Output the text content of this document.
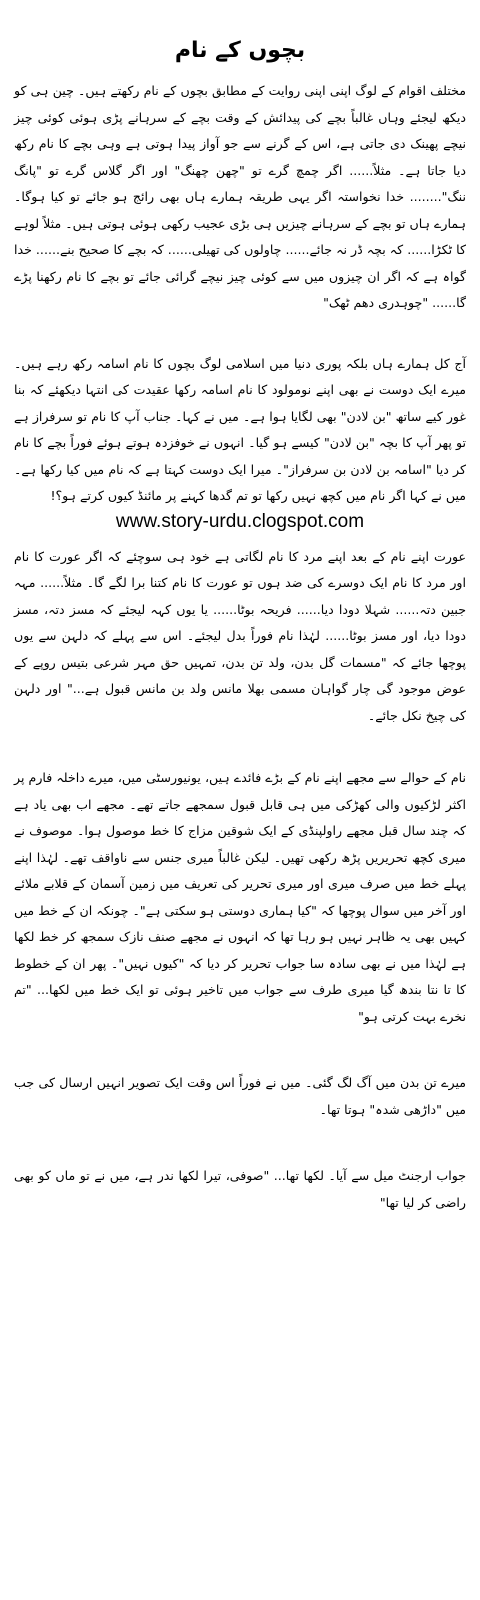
بچوں کے نام

مختلف اقوام کے لوگ اپنی اپنی روایت کے مطابق بچوں کے نام رکھتے ہیں۔ چین ہی کو دیکھ لیجئے وہاں غالباً بچے کی پیدائش کے وقت بچے کے سرہانے پڑی ہوئی کوئی چیز نیچے پھینک دی جاتی ہے، اس کے گرنے سے جو آواز پیدا ہوتی ہے وہی بچے کا نام رکھ دیا جاتا ہے۔ مثلاً...... اگر چمچ گرے تو "چھن چھنگ" اور اگر گلاس گرے تو "پانگ ننگ"........ خدا نخواستہ اگر یہی طریقہ ہمارے ہاں بھی رائج ہو جائے تو کیا ہوگا۔ ہمارے ہاں تو بچے کے سرہانے چیزیں ہی بڑی عجیب رکھی ہوئی ہوتی ہیں۔ مثلاً لوہے کا ٹکڑا...... کہ بچہ ڈر نہ جائے...... چاولوں کی تھیلی...... کہ بچے کا صحیح بنے...... خدا گواہ ہے کہ اگر ان چیزوں میں سے کوئی چیز نیچے گرائی جائے تو بچے کا نام رکھنا پڑے گا...... "چوہدری دھم ٹھک"

آج کل ہمارے ہاں بلکہ پوری دنیا میں اسلامی لوگ بچوں کا نام اسامہ رکھ رہے ہیں۔ میرے ایک دوست نے بھی اپنے نومولود کا نام اسامہ رکھا عقیدت کی انتہا دیکھئے کہ بنا غور کیے ساتھ "بن لادن" بھی لگایا ہوا ہے۔ میں نے کہا۔ جناب آپ کا نام تو سرفراز ہے تو پھر آپ کا بچہ "بن لادن" کیسے ہو گیا۔ انہوں نے خوفزدہ ہوتے ہوئے فوراً بچے کا نام کر دیا "اسامہ بن لادن بن سرفراز"۔ میرا ایک دوست کہتا ہے کہ نام میں کیا رکھا ہے۔ میں نے کہا اگر نام میں کچھ نہیں رکھا تو تم گدھا کہنے پر مائنڈ کیوں کرتے ہو؟!

www.story-urdu.clogspot.com

عورت اپنے نام کے بعد اپنے مرد کا نام لگاتی ہے خود ہی سوچئے کہ اگر عورت کا نام اور مرد کا نام ایک دوسرے کی ضد ہوں تو عورت کا نام کتنا برا لگے گا۔ مثلاً...... مہہ جبین دتہ...... شہلا دودا دیا...... فریحہ بوٹا...... یا یوں کہہ لیجئے کہ مسز دتہ، مسز دودا دیا، اور مسز بوٹا...... لہٰذا نام فوراً بدل لیجئے۔ اس سے پہلے کہ دلہن سے یوں پوچھا جائے کہ "مسمات گل بدن، ولد تن بدن، تمہیں حق مہر شرعی بتیس روپے کے عوض موجود گی چار گواہان مسمی بھلا مانس ولد بن مانس قبول ہے..." اور دلہن کی چیخ نکل جائے۔

نام کے حوالے سے مجھے اپنے نام کے بڑے فائدے ہیں، یونیورسٹی میں، میرے داخلہ فارم پر اکثر لڑکیوں والی کھڑکی میں ہی قابل قبول سمجھے جاتے تھے۔ مجھے اب بھی یاد ہے کہ چند سال قبل مجھے راولپنڈی کے ایک شوقین مزاج کا خط موصول ہوا۔ موصوف نے میری کچھ تحریریں پڑھ رکھی تھیں۔ لیکن غالباً میری جنس سے ناواقف تھے۔ لہٰذا اپنے پہلے خط میں صرف میری اور میری تحریر کی تعریف میں زمین آسمان کے قلابے ملائے اور آخر میں سوال پوچھا کہ "کیا ہماری دوستی ہو سکتی ہے"۔ چونکہ ان کے خط میں کہیں بھی یہ ظاہر نہیں ہو رہا تھا کہ انہوں نے مجھے صنف نازک سمجھ کر خط لکھا ہے لہٰذا میں نے بھی سادہ سا جواب تحریر کر دیا کہ "کیوں نہیں"۔ پھر ان کے خطوط کا تا نتا بندھ گیا میری طرف سے جواب میں تاخیر ہوئی تو ایک خط میں لکھا... "تم نخرے بہت کرتی ہو"

میرے تن بدن میں آگ لگ گئی۔ میں نے فوراً اس وقت ایک تصویر انہیں ارسال کی جب میں "داڑھی شدہ" ہوتا تھا۔

جواب ارجنٹ میل سے آیا۔ لکھا تھا... "صوفی، تیرا لکھا ندر ہے، میں نے تو ماں کو بھی راضی کر لیا تھا"
